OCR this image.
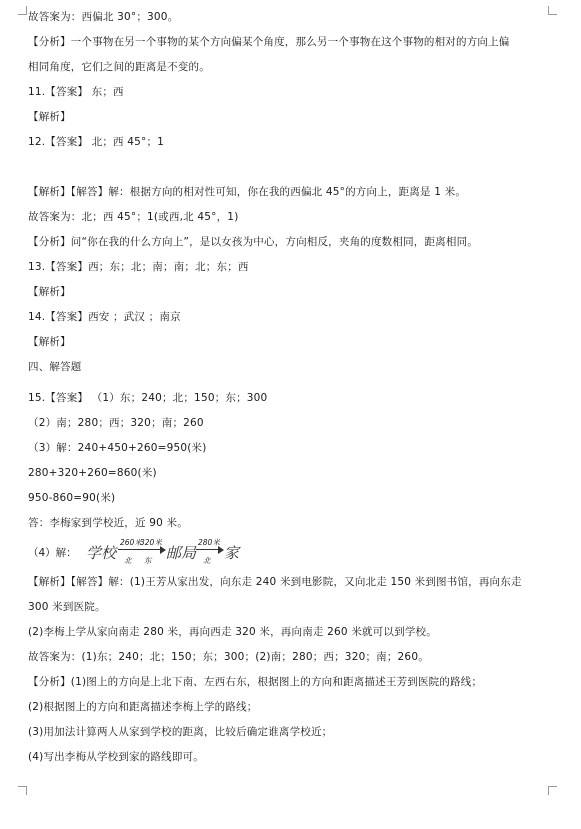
故答案为：西偏北 30°；300。
【分析】一个事物在另一个事物的某个方向偏某个角度，那么另一个事物在这个事物的相对的方向上偏
相同角度，它们之间的距离是不变的。
11.【答案】 东；西
【解析】
12.【答案】 北；西 45°；1
【解析】【解答】解：根据方向的相对性可知，你在我的西偏北 45°的方向上，距离是 1 米。
故答案为：北；西 45°；1(或西,北 45°，1)
【分析】问“你在我的什么方向上”，是以女孩为中心，方向相反，夹角的度数相同，距离相同。
13.【答案】西；东；北；南；南；北；东；西
【解析】
14.【答案】西安 ；武汉 ；南京
【解析】
四、解答题
15.【答案】 （1）东；240；北；150；东；300
（2）南；280；西；320；南；260
（3）解：240+450+260=950(米)
280+320+260=860(米)
950-860=90(米)
答：李梅家到学校近，近 90 米。
（4）解： 学校
260米
320米
北 东 邮局
280米
北 家
【解析】【解答】解：(1)王芳从家出发，向东走 240 米到电影院，又向北走 150 米到图书馆，再向东走
300 米到医院。
(2)李梅上学从家向南走 280 米，再向西走 320 米，再向南走 260 米就可以到学校。
故答案为：(1)东；240；北；150；东；300；(2)南；280；西；320；南；260。
【分析】(1)图上的方向是上北下南、左西右东，根据图上的方向和距离描述王芳到医院的路线；
(2)根据图上的方向和距离描述李梅上学的路线；
(3)用加法计算两人从家到学校的距离，比较后确定谁离学校近；
(4)写出李梅从学校到家的路线即可。
